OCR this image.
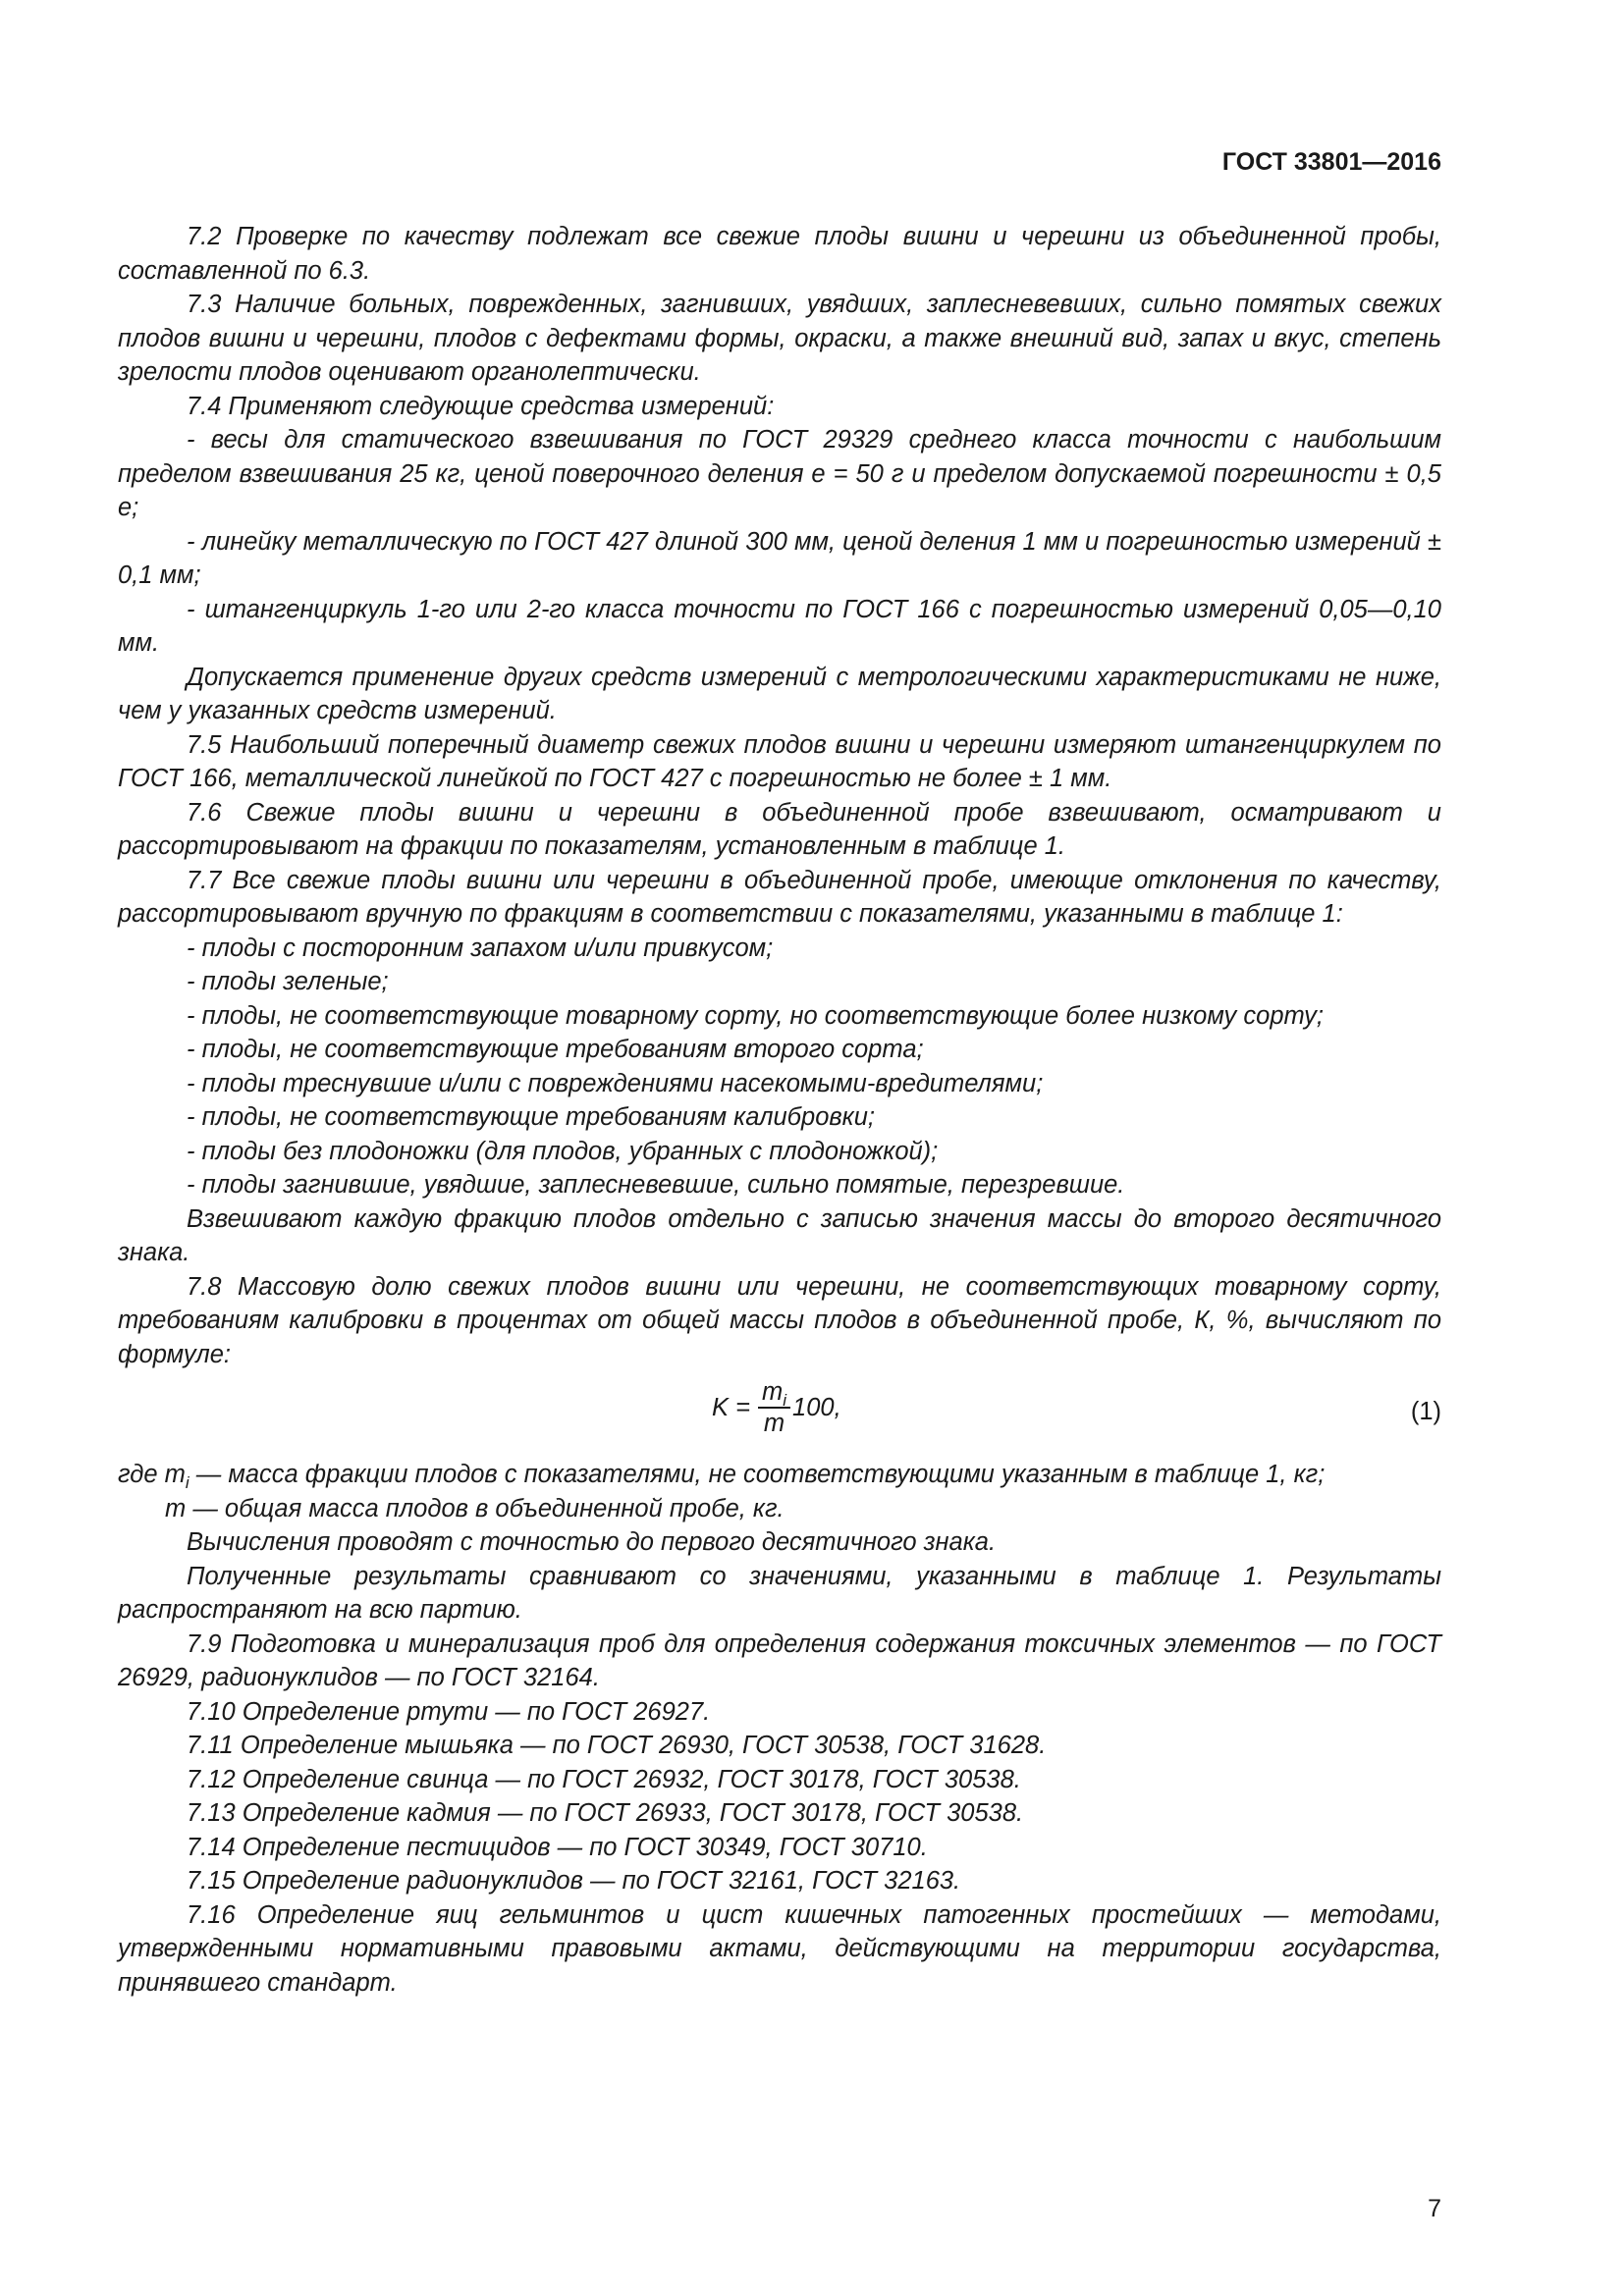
ГОСТ 33801—2016

7.2 Проверке по качеству подлежат все свежие плоды вишни и черешни из объединенной пробы, составленной по 6.3.

7.3 Наличие больных, поврежденных, загнивших, увядших, заплесневевших, сильно помятых свежих плодов вишни и черешни, плодов с дефектами формы, окраски, а также внешний вид, запах и вкус, степень зрелости плодов оценивают органолептически.

7.4 Применяют следующие средства измерений:

- весы для статического взвешивания по ГОСТ 29329 среднего класса точности с наибольшим пределом взвешивания 25 кг, ценой поверочного деления е = 50 г и пределом допускаемой погрешности ± 0,5 е;

- линейку металлическую по ГОСТ 427 длиной 300 мм, ценой деления 1 мм и погрешностью измерений ± 0,1 мм;

- штангенциркуль 1-го или 2-го класса точности по ГОСТ 166 с погрешностью измерений 0,05—0,10 мм.

Допускается применение других средств измерений с метрологическими характеристиками не ниже, чем у указанных средств измерений.

7.5 Наибольший поперечный диаметр свежих плодов вишни и черешни измеряют штангенциркулем по ГОСТ 166, металлической линейкой по ГОСТ 427 с погрешностью не более ± 1 мм.

7.6 Свежие плоды вишни и черешни в объединенной пробе взвешивают, осматривают и рассортировывают на фракции по показателям, установленным в таблице 1.

7.7 Все свежие плоды вишни или черешни в объединенной пробе, имеющие отклонения по качеству, рассортировывают вручную по фракциям в соответствии с показателями, указанными в таблице 1:

- плоды с посторонним запахом и/или привкусом;

- плоды зеленые;

- плоды, не соответствующие товарному сорту, но соответствующие более низкому сорту;

- плоды, не соответствующие требованиям второго сорта;

- плоды треснувшие и/или с повреждениями насекомыми-вредителями;

- плоды, не соответствующие требованиям калибровки;

- плоды без плодоножки (для плодов, убранных с плодоножкой);

- плоды загнившие, увядшие, заплесневевшие, сильно помятые, перезревшие.

Взвешивают каждую фракцию плодов отдельно с записью значения массы до второго десятичного знака.

7.8 Массовую долю свежих плодов вишни или черешни, не соответствующих товарному сорту, требованиям калибровки в процентах от общей массы плодов в объединенной пробе, К, %, вычисляют по формуле:

$K = \frac{m_i}{m} 100$,	(1)

где $m_i$ — масса фракции плодов с показателями, не соответствующими указанным в таблице 1, кг;

m — общая масса плодов в объединенной пробе, кг.

Вычисления проводят с точностью до первого десятичного знака.

Полученные результаты сравнивают со значениями, указанными в таблице 1. Результаты распространяют на всю партию.

7.9 Подготовка и минерализация проб для определения содержания токсичных элементов — по ГОСТ 26929, радионуклидов — по ГОСТ 32164.

7.10 Определение ртути — по ГОСТ 26927.

7.11 Определение мышьяка — по ГОСТ 26930, ГОСТ 30538, ГОСТ 31628.

7.12 Определение свинца — по ГОСТ 26932, ГОСТ 30178, ГОСТ 30538.

7.13 Определение кадмия — по ГОСТ 26933, ГОСТ 30178, ГОСТ 30538.

7.14 Определение пестицидов — по ГОСТ 30349, ГОСТ 30710.

7.15 Определение радионуклидов — по ГОСТ 32161, ГОСТ 32163.

7.16 Определение яиц гельминтов и цист кишечных патогенных простейших — методами, утвержденными нормативными правовыми актами, действующими на территории государства, принявшего стандарт.

7
